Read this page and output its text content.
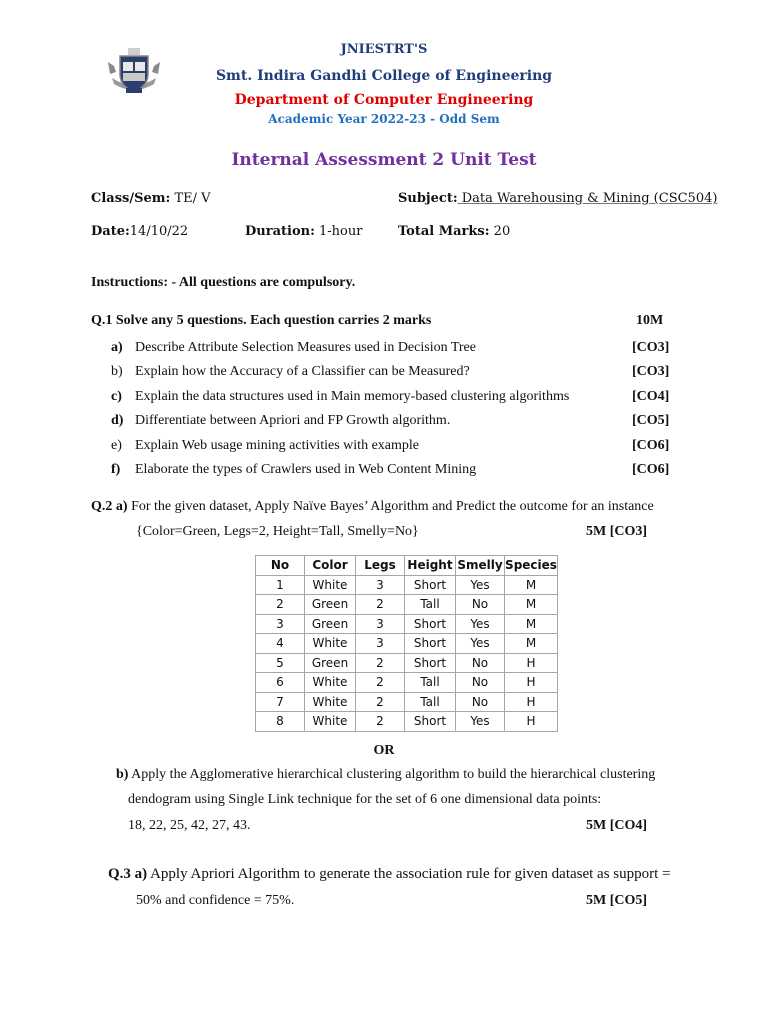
JNIESTRT'S
Smt. Indira Gandhi College of Engineering
Department of Computer Engineering
Academic Year 2022-23 - Odd Sem
Internal Assessment 2 Unit Test
Class/Sem: TE/ V	Subject: Data Warehousing & Mining (CSC504)
Date:14/10/22	Duration: 1-hour	Total Marks: 20
Instructions: - All questions are compulsory.
Q.1 Solve any 5 questions. Each question carries 2 marks	10M
a) Describe Attribute Selection Measures used in Decision Tree	[CO3]
b) Explain how the Accuracy of a Classifier can be Measured?	[CO3]
c) Explain the data structures used in Main memory-based clustering algorithms	[CO4]
d) Differentiate between Apriori and FP Growth algorithm.	[CO5]
e) Explain Web usage mining activities with example	[CO6]
f) Elaborate the types of Crawlers used in Web Content Mining	[CO6]
Q.2 a) For the given dataset, Apply Naïve Bayes’ Algorithm and Predict the outcome for an instance
{Color=Green, Legs=2, Height=Tall, Smelly=No}	5M [CO3]
No	Color	Legs	Height	Smelly	Species
1	White	3	Short	Yes	M
2	Green	2	Tall	No	M
3	Green	3	Short	Yes	M
4	White	3	Short	Yes	M
5	Green	2	Short	No	H
6	White	2	Tall	No	H
7	White	2	Tall	No	H
8	White	2	Short	Yes	H
OR
b) Apply the Agglomerative hierarchical clustering algorithm to build the hierarchical clustering
dendogram using Single Link technique for the set of 6 one dimensional data points:
18, 22, 25, 42, 27, 43.	5M [CO4]
Q.3 a) Apply Apriori Algorithm to generate the association rule for given dataset as support =
50% and confidence = 75%.	5M [CO5]
